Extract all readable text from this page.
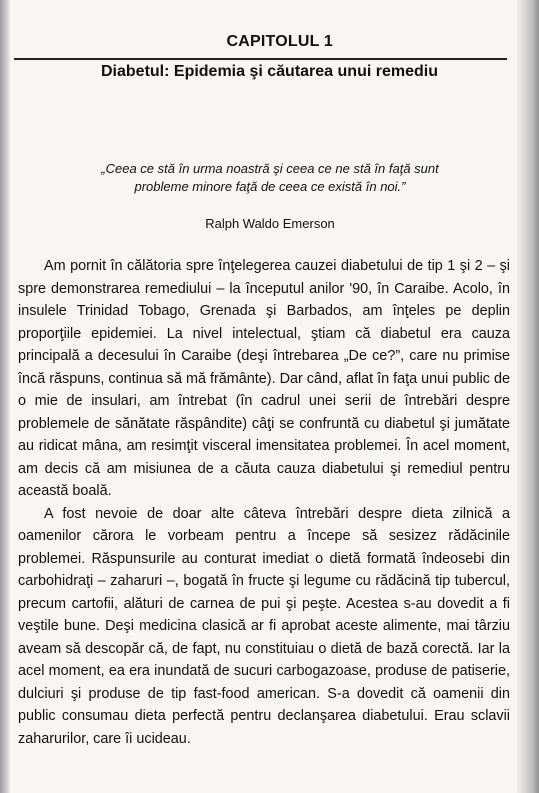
CAPITOLUL 1
Diabetul: Epidemia şi căutarea unui remediu
„Ceea ce stă în urma noastră şi ceea ce ne stă în faţă sunt
probleme minore faţă de ceea ce există în noi.”
Ralph Waldo Emerson

Am pornit în călătoria spre înţelegerea cauzei diabetului de tip 1 şi 2 – şi spre demonstrarea remediului – la începutul anilor '90, în Caraibe. Acolo, în insulele Trinidad Tobago, Grenada şi Barbados, am înţeles pe deplin proporţiile epidemiei. La nivel intelectual, ştiam că diabetul era cauza principală a decesului în Caraibe (deşi întrebarea „De ce?”, care nu primise încă răspuns, continua să mă frământe). Dar când, aflat în faţa unui public de o mie de insulari, am întrebat (în cadrul unei serii de întrebări despre problemele de sănătate răspândite) câţi se confruntă cu diabetul şi jumătate au ridicat mâna, am resimţit visceral imensitatea problemei. În acel moment, am decis că am misiunea de a căuta cauza diabetului şi remediul pentru această boală.

A fost nevoie de doar alte câteva întrebări despre dieta zilnică a oamenilor cărora le vorbeam pentru a începe să sesizez rădăcinile problemei. Răspunsurile au conturat imediat o dietă formată îndeosebi din carbohidraţi – zaharuri –, bogată în fructe şi legume cu rădăcină tip tubercul, precum cartofii, alături de carnea de pui şi peşte. Acestea s-au dovedit a fi veştile bune. Deşi medicina clasică ar fi aprobat aceste alimente, mai târziu aveam să descopăr că, de fapt, nu constituiau o dietă de bază corectă. Iar la acel moment, ea era inundată de sucuri carbogazoase, produse de patiserie, dulciuri şi produse de tip fast-food american. S-a dovedit că oamenii din public consumau dieta perfectă pentru declanşarea diabetului. Erau sclavii zaharurilor, care îi ucideau.
